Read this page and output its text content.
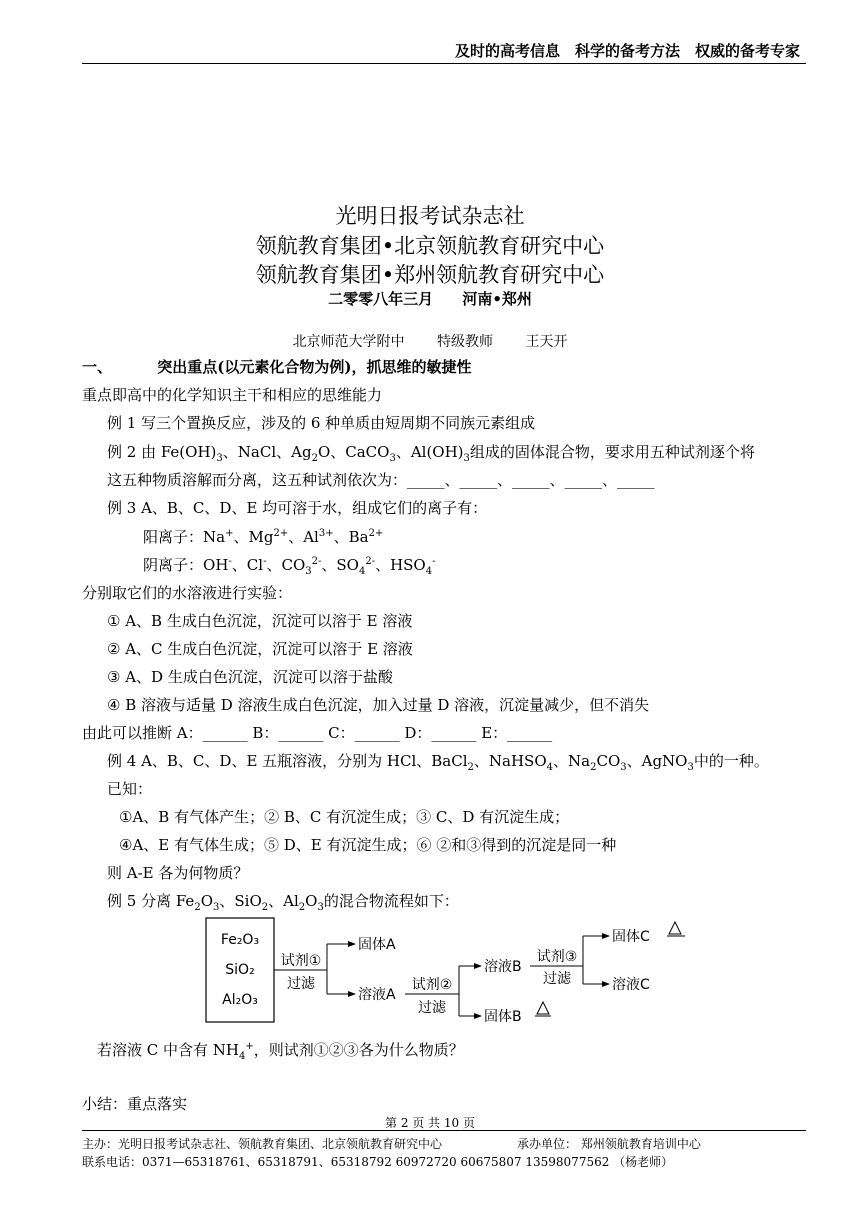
及时的高考信息　科学的备考方法　权威的备考专家
光明日报考试杂志社
领航教育集团•北京领航教育研究中心
领航教育集团•郑州领航教育研究中心
二零零八年三月 河南•郑州
北京师范大学附中 特级教师 王天开
一、	突出重点(以元素化合物为例)，抓思维的敏捷性
重点即高中的化学知识主干和相应的思维能力
例 1 写三个置换反应，涉及的 6 种单质由短周期不同族元素组成
例 2 由 $Fe(OH)_3$、NaCl、$Ag_2O$、CaCO$_3$、$Al(OH)_3$组成的固体混合物，要求用五种试剂逐个将
这五种物质溶解而分离，这五种试剂依次为：_____、_____、_____、_____、_____
例 3 A、B、C、D、E 均可溶于水，组成它们的离子有：
阳离子：Na+、$Mg^{2+}$、$Al^{3+}$、$Ba^{2+}$
阴离子：OH-、Cl-、$CO_3^{2-}$、$SO_4^{2-}$、$HSO_4^-$
分别取它们的水溶液进行实验：
① A、B 生成白色沉淀，沉淀可以溶于 E 溶液
② A、C 生成白色沉淀，沉淀可以溶于 E 溶液
③ A、D 生成白色沉淀，沉淀可以溶于盐酸
④ B 溶液与适量 D 溶液生成白色沉淀，加入过量 D 溶液，沉淀量减少，但不消失
由此可以推断 A：______ B：______ C：______ D：______ E：______
例 4 A、B、C、D、E 五瓶溶液，分别为 HCl、BaCl$_2$、NaHSO$_4$、$Na_2CO_3$、AgNO$_3$中的一种。
已知：
①A、B 有气体产生；② B、C 有沉淀生成；③ C、D 有沉淀生成；
④A、E 有气体生成；⑤ D、E 有沉淀生成；⑥ ②和③得到的沉淀是同一种
则 A-E 各为何物质？
例 5 分离 $Fe_2O_3$、SiO$_2$、$Al_2O_3$的混合物流程如下：
Fe₂O₃
SiO₂
Al₂O₃
试剂①
过滤
固体A
溶液A
试剂②
过滤
溶液B
固体B
试剂③
过滤
固体C
溶液C
若溶液 C 中含有 $NH_4^+$，则试剂①②③各为什么物质？
小结：重点落实
第 2 页 共 10 页
主办：光明日报考试杂志社、领航教育集团、北京领航教育研究中心	承办单位： 郑州领航教育培训中心
联系电话：0371—65318761、65318791、65318792 60972720 60675807 13598077562 （杨老师）
